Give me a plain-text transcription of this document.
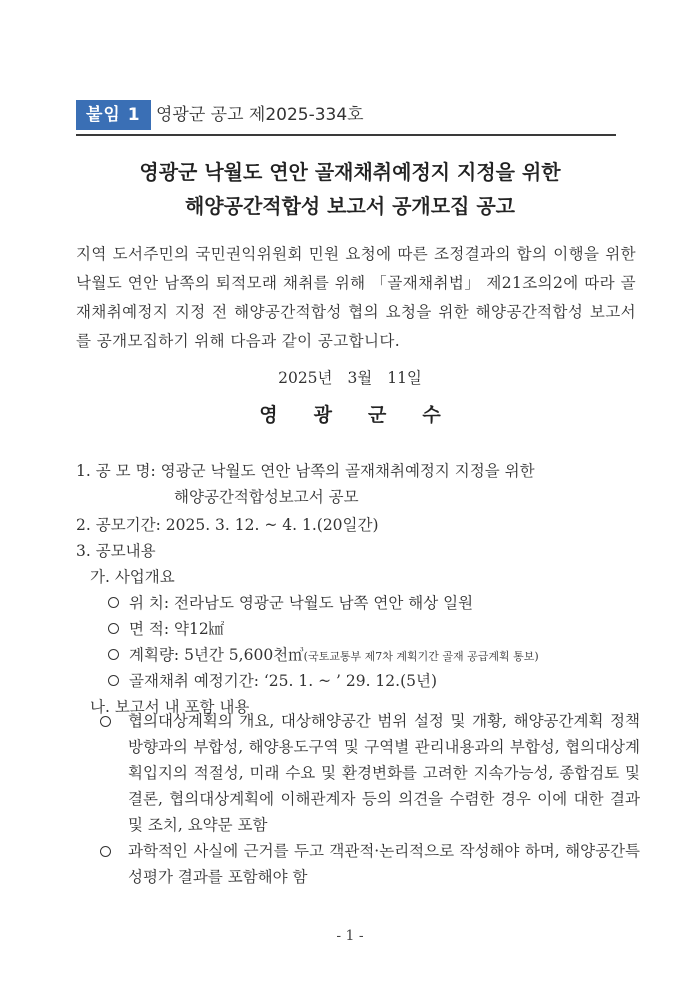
붙임 1 영광군 공고 제2025-334호
영광군 낙월도 연안 골재채취예정지 지정을 위한
해양공간적합성 보고서 공개모집 공고
지역 도서주민의 국민권익위원회 민원 요청에 따른 조정결과의 합의 이행을 위한 낙월도 연안 남쪽의 퇴적모래 채취를 위해 「골재채취법」 제21조의2에 따라 골재채취예정지 지정 전 해양공간적합성 협의 요청을 위한 해양공간적합성 보고서를 공개모집하기 위해 다음과 같이 공고합니다.
2025년 3월 11일
영광군수
1. 공 모 명: 영광군 낙월도 연안 남쪽의 골재채취예정지 지정을 위한
해양공간적합성보고서 공모
2. 공모기간: 2025. 3. 12. ~ 4. 1.(20일간)
3. 공모내용
가. 사업개요
위 치: 전라남도 영광군 낙월도 남쪽 연안 해상 일원
면 적: 약12㎢
계획량: 5년간 5,600천㎥(국토교통부 제7차 계획기간 골재 공급계획 통보)
골재채취 예정기간: ‘25. 1. ~ ’ 29. 12.(5년)
나. 보고서 내 포함 내용
협의대상계획의 개요, 대상해양공간 범위 설정 및 개황, 해양공간계획 정책방향과의 부합성, 해양용도구역 및 구역별 관리내용과의 부합성, 협의대상계획입지의 적절성, 미래 수요 및 환경변화를 고려한 지속가능성, 종합검토 및 결론, 협의대상계획에 이해관계자 등의 의견을 수렴한 경우 이에 대한 결과 및 조치, 요약문 포함
과학적인 사실에 근거를 두고 객관적·논리적으로 작성해야 하며, 해양공간특성평가 결과를 포함해야 함
- 1 -
